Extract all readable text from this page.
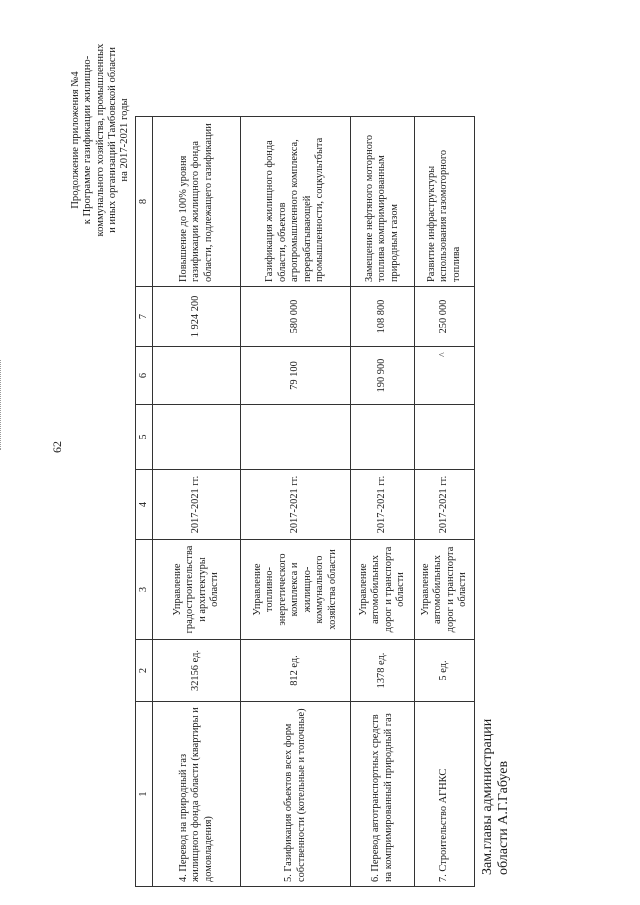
62
Продолжение приложения №4 к Программе газификации жилищно- коммунального хозяйства, промышленных и иных организаций Тамбовской области на 2017-2021 годы
1	2	3	4	5	6	7	8
4. Перевод на природный газ жилищного фонда области (квартиры и домовладения)	32156 ед.	Управление градостроительства и архитектуры области	2017-2021 гг.			1 924 200	Повышение до 100% уровня газификации жилищного фонда области, подлежащего газификации
5. Газификация объектов всех форм собственности (котельные и топочные)	812 ед.	Управление топливно-энергетического комплекса и жилищно-коммунального хозяйства области	2017-2021 гг.		79 100	580 000	Газификация жилищного фонда области, объектов агропромышленного комплекса, перерабатывающей промышленности, соцкультбыта
6. Перевод автотранспортных средств на компримированный природный газ	1378 ед.	Управление автомобильных дорог и транспорта области	2017-2021 гг.		190 900	108 800	Замещение нефтяного моторного топлива компримированным природным газом
7. Строительство АГНКС	5 ед.	Управление автомобильных дорог и транспорта области	2017-2021 гг.			250 000	Развитие инфраструктуры использования газомоторного топлива
^
Зам.главы администрации области А.Г.Габуев
